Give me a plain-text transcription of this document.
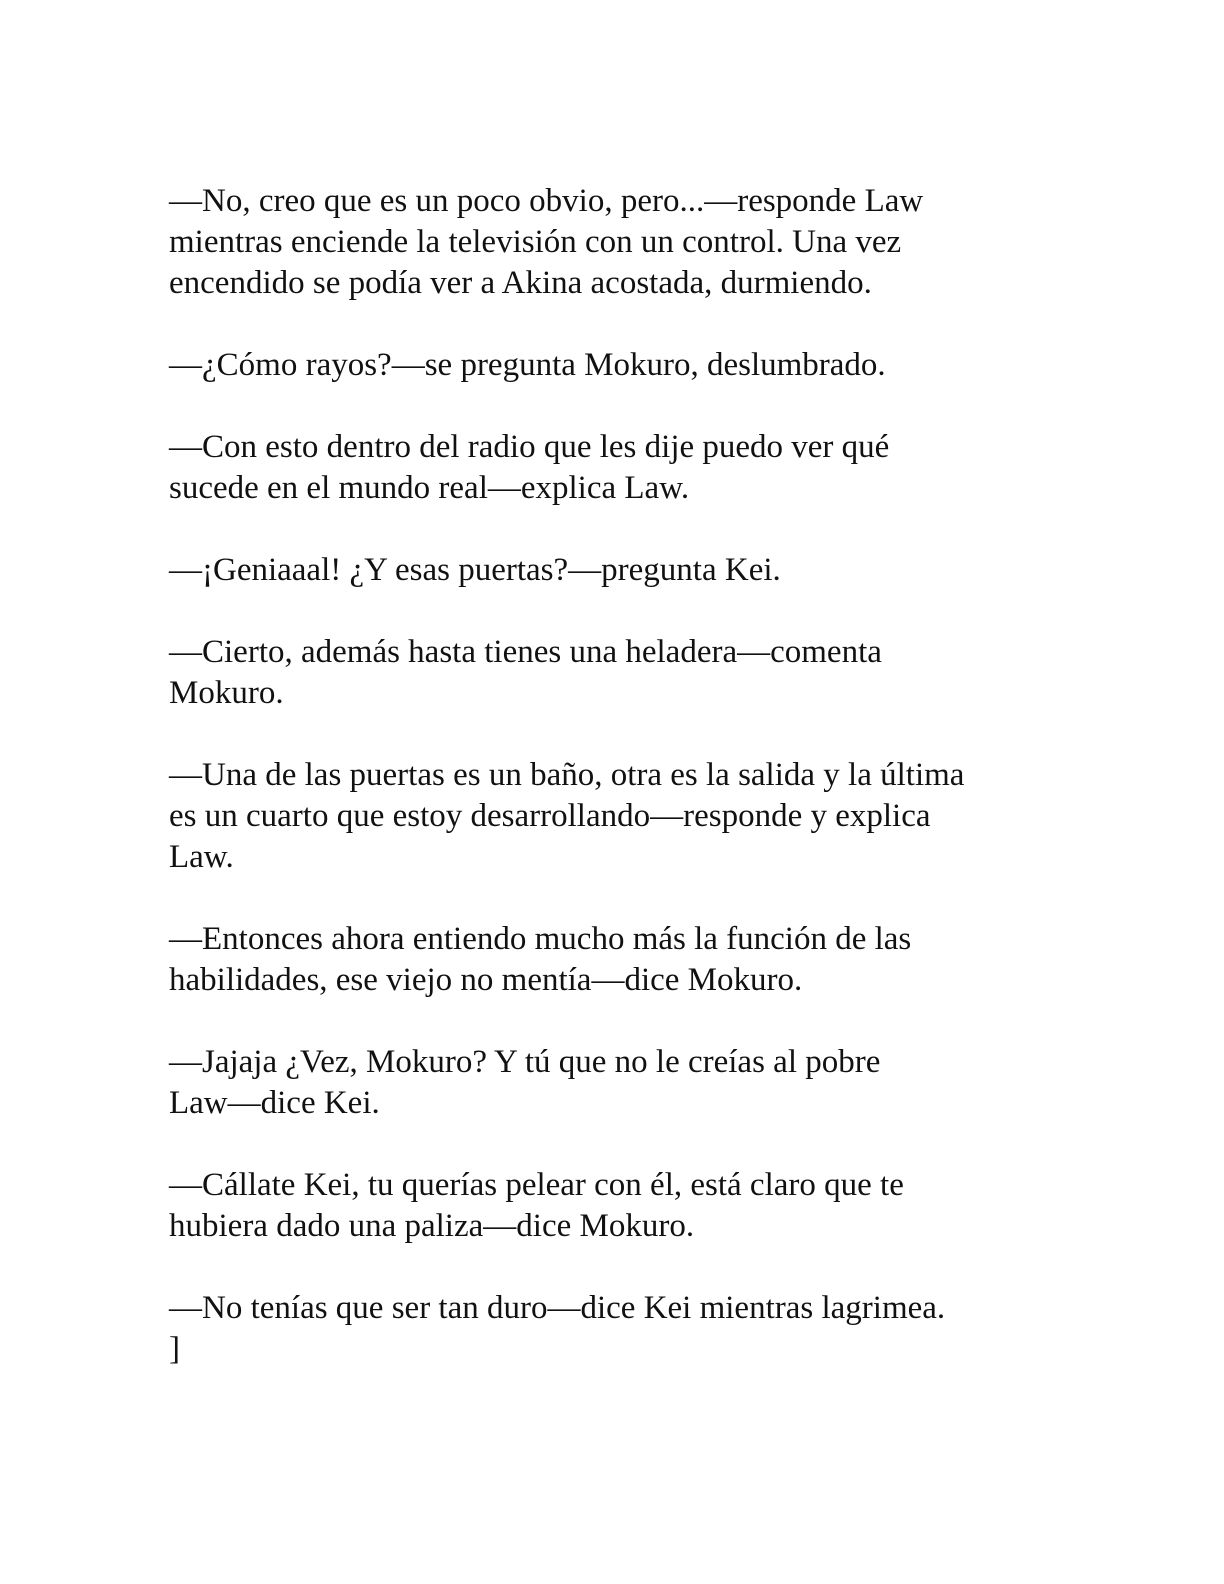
—No, creo que es un poco obvio, pero...—responde Law
mientras enciende la televisión con un control. Una vez
encendido se podía ver a Akina acostada, durmiendo.

—¿Cómo rayos?—se pregunta Mokuro, deslumbrado.

—Con esto dentro del radio que les dije puedo ver qué
sucede en el mundo real—explica Law.

—¡Geniaaal! ¿Y esas puertas?—pregunta Kei.

—Cierto, además hasta tienes una heladera—comenta
Mokuro.

—Una de las puertas es un baño, otra es la salida y la última
es un cuarto que estoy desarrollando—responde y explica
Law.

—Entonces ahora entiendo mucho más la función de las
habilidades, ese viejo no mentía—dice Mokuro.

—Jajaja ¿Vez, Mokuro? Y tú que no le creías al pobre
Law—dice Kei.

—Cállate Kei, tu querías pelear con él, está claro que te
hubiera dado una paliza—dice Mokuro.

—No tenías que ser tan duro—dice Kei mientras lagrimea.
]
